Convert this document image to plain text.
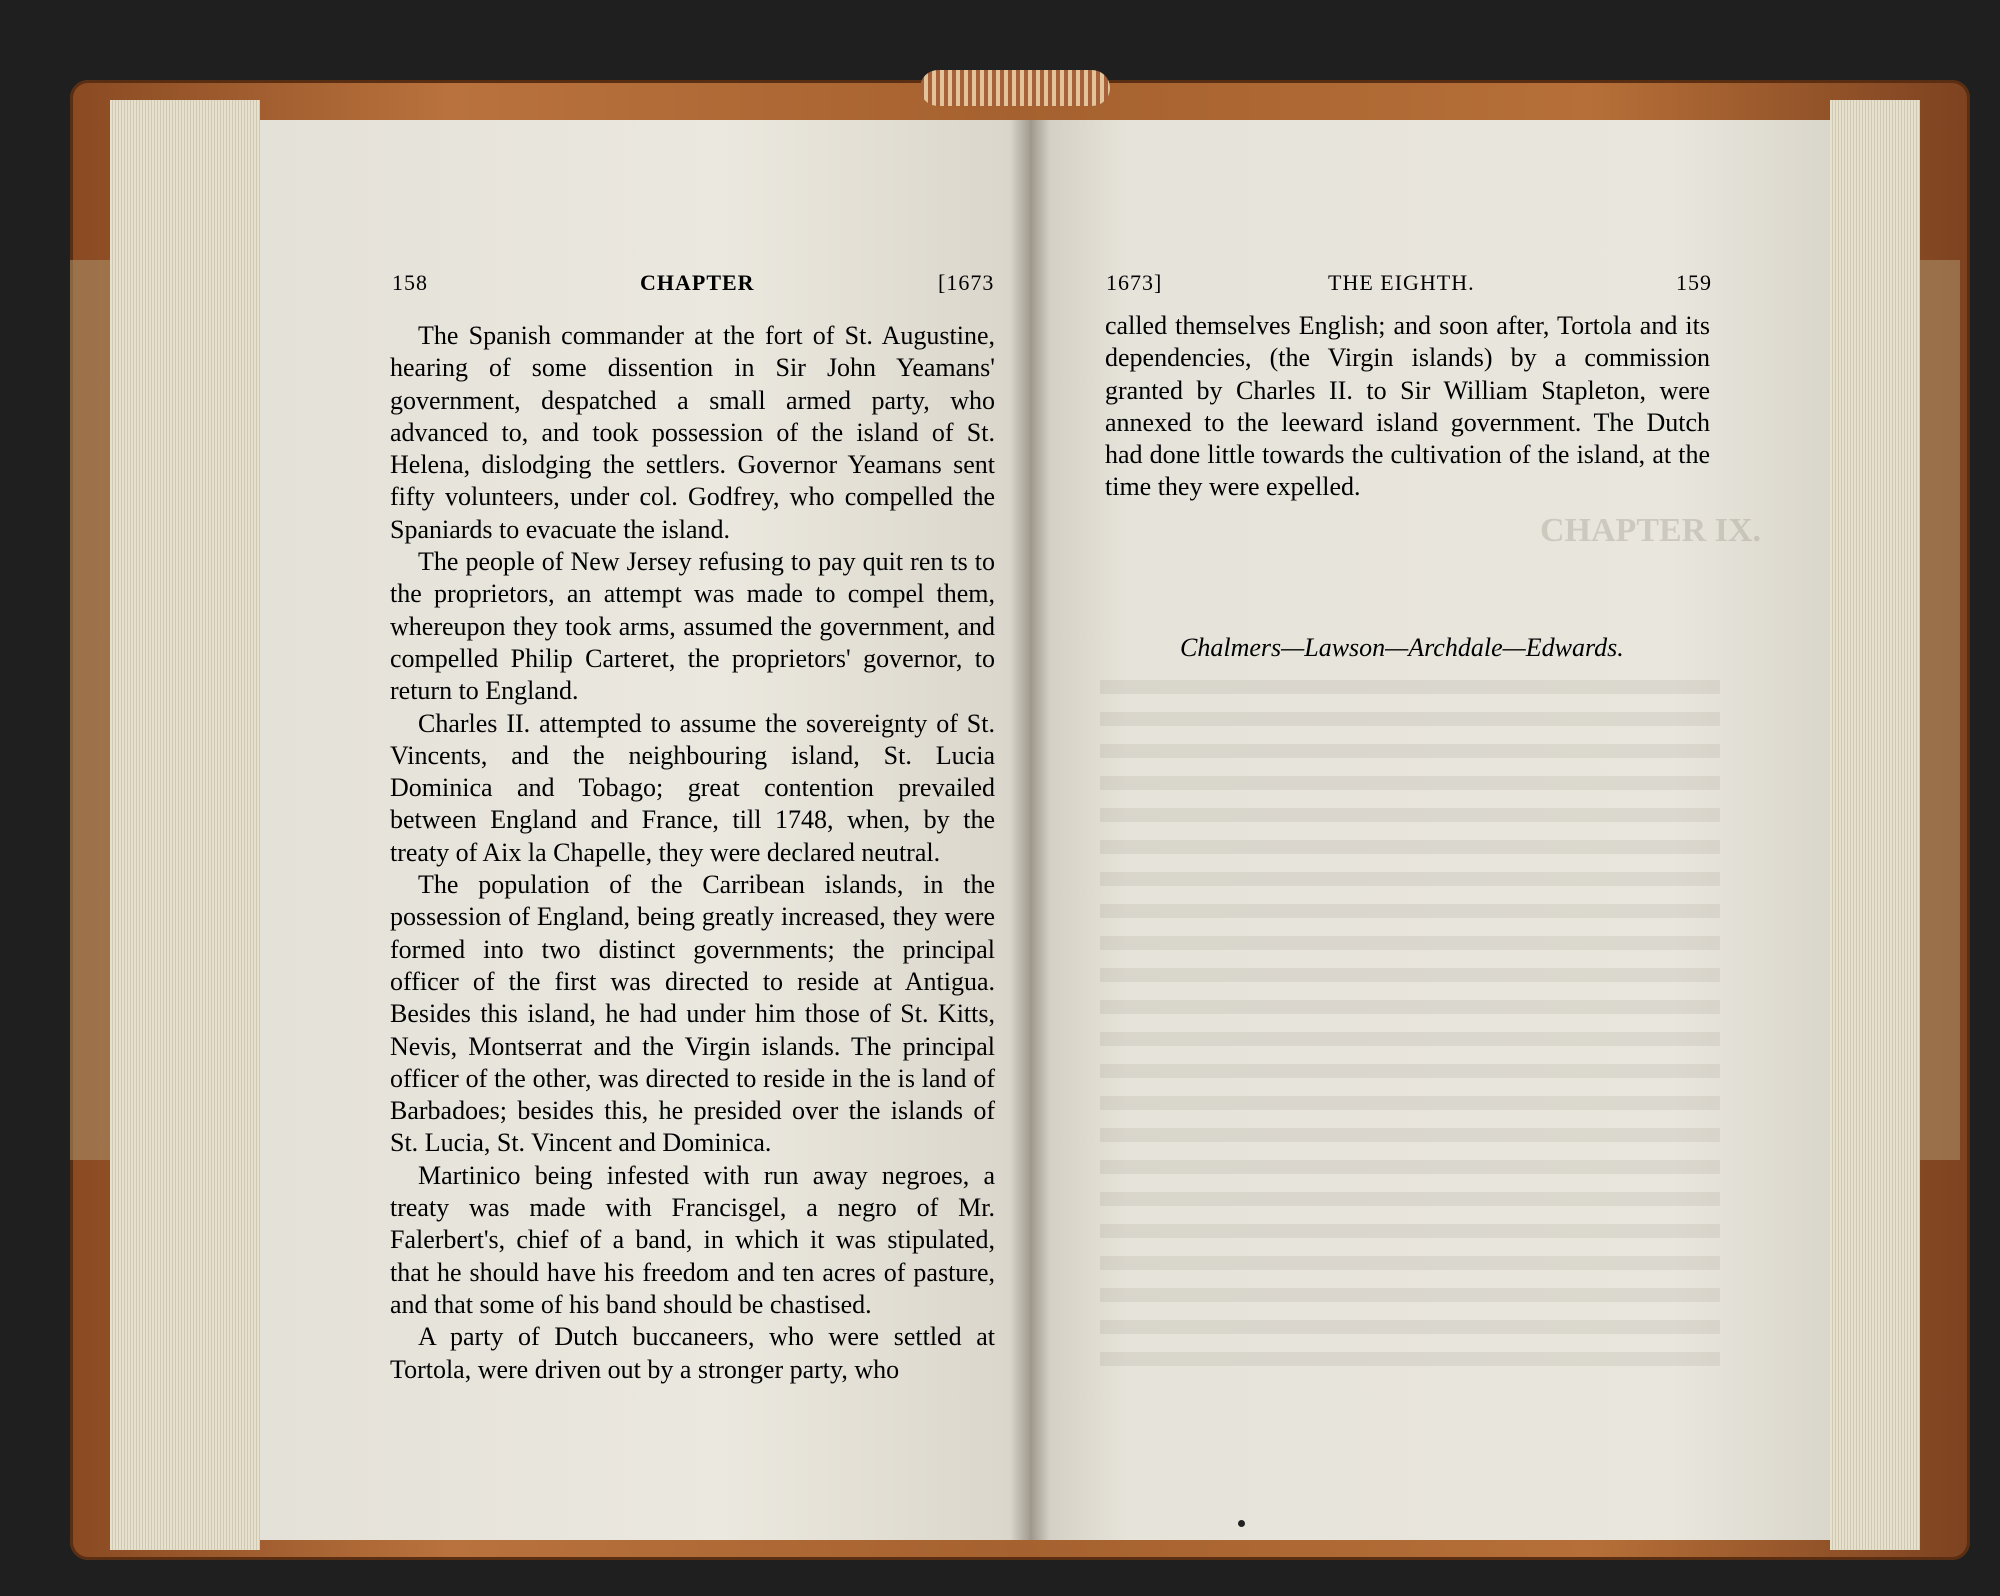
158	CHAPTER	[1673

The Spanish commander at the fort of St. Augustine, hearing of some dissention in Sir John Yeamans' government, despatched a small armed party, who advanced to, and took possession of the island of St. Helena, dislodging the settlers. Governor Yeamans sent fifty volunteers, under col. Godfrey, who compelled the Spaniards to evacuate the island.

The people of New Jersey refusing to pay quit ren ts to the proprietors, an attempt was made to compel them, whereupon they took arms, assumed the government, and compelled Philip Carteret, the proprietors' governor, to return to England.

Charles II. attempted to assume the sovereignty of St. Vincents, and the neighbouring island, St. Lucia Dominica and Tobago; great contention prevailed between England and France, till 1748, when, by the treaty of Aix la Chapelle, they were declared neutral.

The population of the Carribean islands, in the possession of England, being greatly increased, they were formed into two distinct governments; the principal officer of the first was directed to reside at Antigua. Besides this island, he had under him those of St. Kitts, Nevis, Montserrat and the Virgin islands. The principal officer of the other, was directed to reside in the is land of Barbadoes; besides this, he presided over the islands of St. Lucia, St. Vincent and Dominica.

Martinico being infested with run away negroes, a treaty was made with Francisgel, a negro of Mr. Falerbert's, chief of a band, in which it was stipulated, that he should have his freedom and ten acres of pasture, and that some of his band should be chastised.

A party of Dutch buccaneers, who were settled at Tortola, were driven out by a stronger party, who

1673]	THE EIGHTH.	159

called themselves English; and soon after, Tortola and its dependencies, (the Virgin islands) by a commission granted by Charles II. to Sir William Stapleton, were annexed to the leeward island government. The Dutch had done little towards the cultivation of the island, at the time they were expelled.

CHAPTER IX.
Chalmers—Lawson—Archdale—Edwards.
